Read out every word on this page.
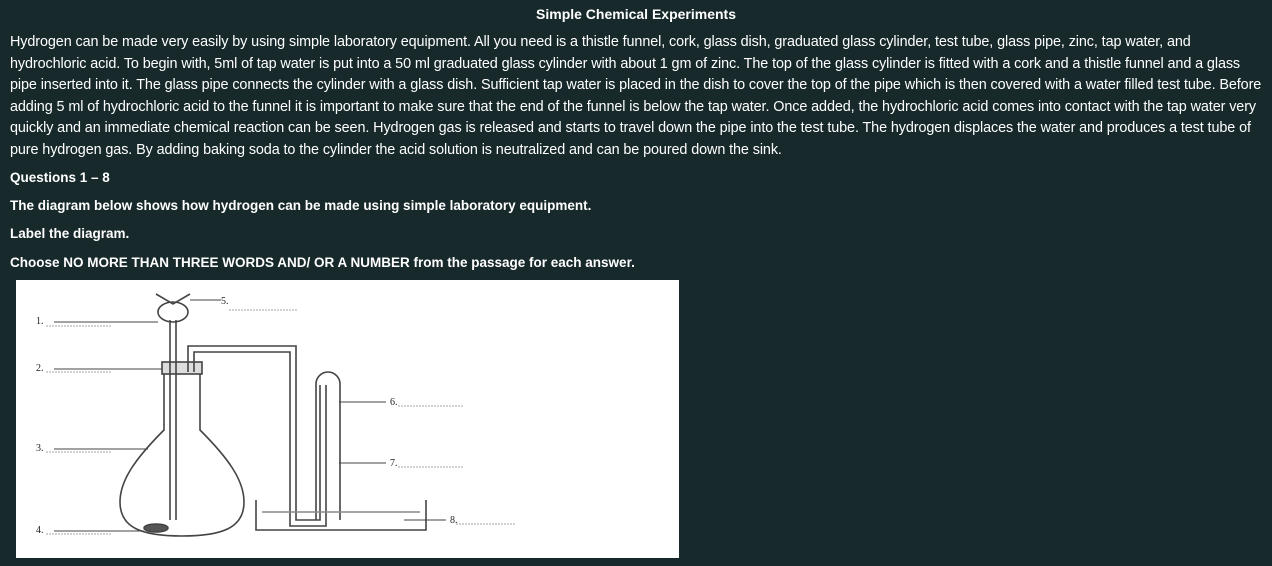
Simple Chemical Experiments

Hydrogen can be made very easily by using simple laboratory equipment. All you need is a thistle funnel, cork, glass dish, graduated glass cylinder, test tube, glass pipe, zinc, tap water, and hydrochloric acid. To begin with, 5ml of tap water is put into a 50 ml graduated glass cylinder with about 1 gm of zinc. The top of the glass cylinder is fitted with a cork and a thistle funnel and a glass pipe inserted into it. The glass pipe connects the cylinder with a glass dish. Sufficient tap water is placed in the dish to cover the top of the pipe which is then covered with a water filled test tube. Before adding 5 ml of hydrochloric acid to the funnel it is important to make sure that the end of the funnel is below the tap water. Once added, the hydrochloric acid comes into contact with the tap water very quickly and an immediate chemical reaction can be seen. Hydrogen gas is released and starts to travel down the pipe into the test tube. The hydrogen displaces the water and produces a test tube of pure hydrogen gas. By adding baking soda to the cylinder the acid solution is neutralized and can be poured down the sink.

Questions 1 – 8

The diagram below shows how hydrogen can be made using simple laboratory equipment.

Label the diagram.

Choose NO MORE THAN THREE WORDS AND/ OR A NUMBER from the passage for each answer.

1.
2.
3.
4.
5.
6.
7.
8.
